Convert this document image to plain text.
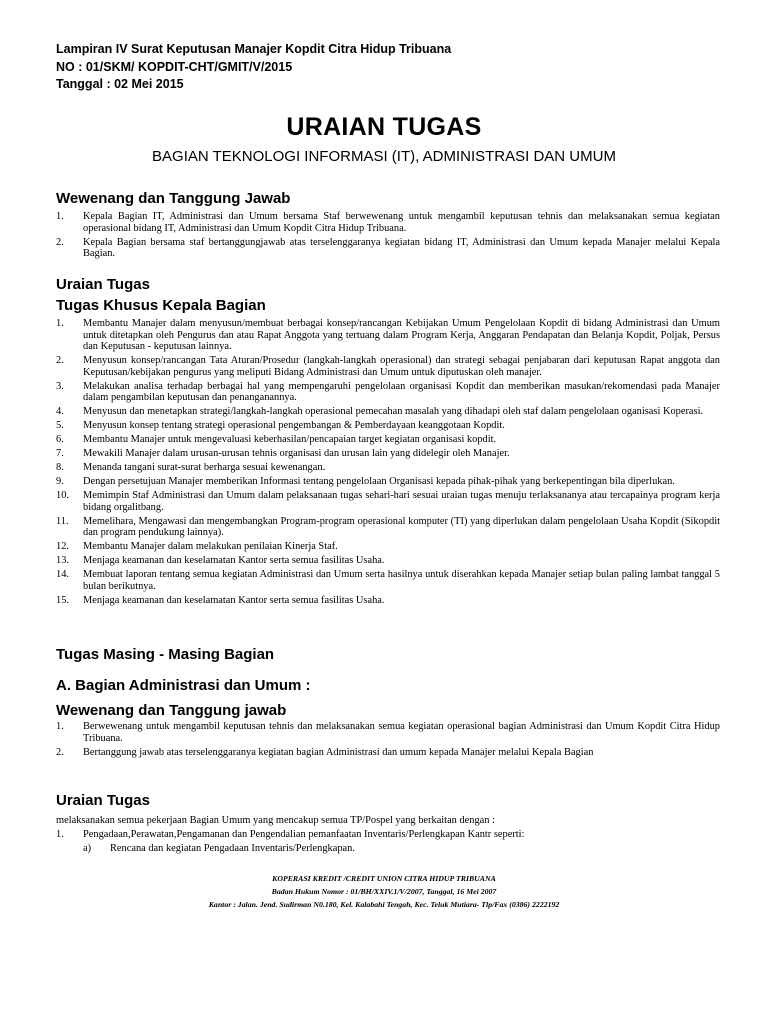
Lampiran IV Surat Keputusan Manajer Kopdit Citra Hidup Tribuana
NO : 01/SKM/ KOPDIT-CHT/GMIT/V/2015
Tanggal : 02 Mei 2015
URAIAN TUGAS
BAGIAN TEKNOLOGI INFORMASI (IT), ADMINISTRASI DAN UMUM
Wewenang dan Tanggung Jawab
1. Kepala Bagian IT, Administrasi dan Umum bersama Staf berwewenang untuk mengambil keputusan tehnis dan melaksanakan semua kegiatan operasional bidang IT, Administrasi dan Umum Kopdit Citra Hidup Tribuana.
2. Kepala Bagian bersama staf bertanggungjawab atas terselenggaranya kegiatan bidang IT, Administrasi dan Umum kepada Manajer melalui Kepala Bagian.
Uraian Tugas
Tugas Khusus Kepala Bagian
1. Membantu Manajer dalam menyusun/membuat berbagai konsep/rancangan Kebijakan Umum Pengelolaan Kopdit di bidang Administrasi dan Umum untuk ditetapkan oleh Pengurus dan atau Rapat Anggota yang tertuang dalam Program Kerja, Anggaran Pendapatan dan Belanja Kopdit, Poljak, Persus dan Keputusan - keputusan lainnya.
2. Menyusun konsep/rancangan Tata Aturan/Prosedur (langkah-langkah operasional) dan strategi sebagai penjabaran dari keputusan Rapat anggota dan Keputusan/kebijakan pengurus yang meliputi Bidang Administrasi dan Umum untuk diputuskan oleh manajer.
3. Melakukan analisa terhadap berbagai hal yang mempengaruhi pengelolaan organisasi Kopdit dan memberikan masukan/rekomendasi pada Manajer dalam pengambilan keputusan dan penanganannya.
4. Menyusun dan menetapkan strategi/langkah-langkah operasional pemecahan masalah yang dihadapi oleh staf dalam pengelolaan oganisasi Koperasi.
5. Menyusun konsep tentang strategi operasional pengembangan & Pemberdayaan keanggotaan Kopdit.
6. Membantu Manajer untuk mengevaluasi keberhasilan/pencapaian target kegiatan organisasi kopdit.
7. Mewakili Manajer dalam urusan-urusan tehnis organisasi dan urusan lain yang didelegir oleh Manajer.
8. Menanda tangani surat-surat berharga sesuai kewenangan.
9. Dengan persetujuan Manajer memberikan Informasi tentang pengelolaan Organisasi kepada pihak-pihak yang berkepentingan bila diperlukan.
10. Memimpin Staf Administrasi dan Umum dalam pelaksanaan tugas sehari-hari sesuai uraian tugas menuju terlaksananya atau tercapainya program kerja bidang orgalitbang.
11. Memelihara, Mengawasi dan mengembangkan Program-program operasional komputer (TI) yang diperlukan dalam pengelolaan Usaha Kopdit (Sikopdit dan program pendukung lainnya).
12. Membantu Manajer dalam melakukan penilaian Kinerja Staf.
13. Menjaga keamanan dan keselamatan Kantor serta semua fasilitas Usaha.
14. Membuat laporan tentang semua kegiatan Administrasi dan Umum serta hasilnya untuk diserahkan kepada Manajer setiap bulan paling lambat tanggal 5 bulan berikutnya.
15. Menjaga keamanan dan keselamatan Kantor serta semua fasilitas Usaha.
Tugas Masing - Masing Bagian
A. Bagian Administrasi dan Umum :
Wewenang dan Tanggung jawab
1. Berwewenang untuk mengambil keputusan tehnis dan melaksanakan semua kegiatan operasional bagian Administrasi dan Umum Kopdit Citra Hidup Tribuana.
2. Bertanggung jawab atas terselenggaranya kegiatan bagian Administrasi dan umum kepada Manajer melalui Kepala Bagian
Uraian Tugas
melaksanakan semua pekerjaan Bagian Umum yang mencakup semua TP/Pospel yang berkaitan dengan :
1. Pengadaan,Perawatan,Pengamanan dan Pengendalian pemanfaatan Inventaris/Perlengkapan Kantr seperti:
a) Rencana dan kegiatan Pengadaan Inventaris/Perlengkapan.
KOPERASI KREDIT /CREDIT UNION CITRA HIDUP TRIBUANA
Badan Hukum Nomor : 01/BH/XXIV.1/V/2007, Tanggal, 16 Mei 2007
Kantor : Jalan. Jend. Sudirman N0.180, Kel. Kalabahi Tengah, Kec. Teluk Mutiara- Tlp/Fax (0386) 2222192
